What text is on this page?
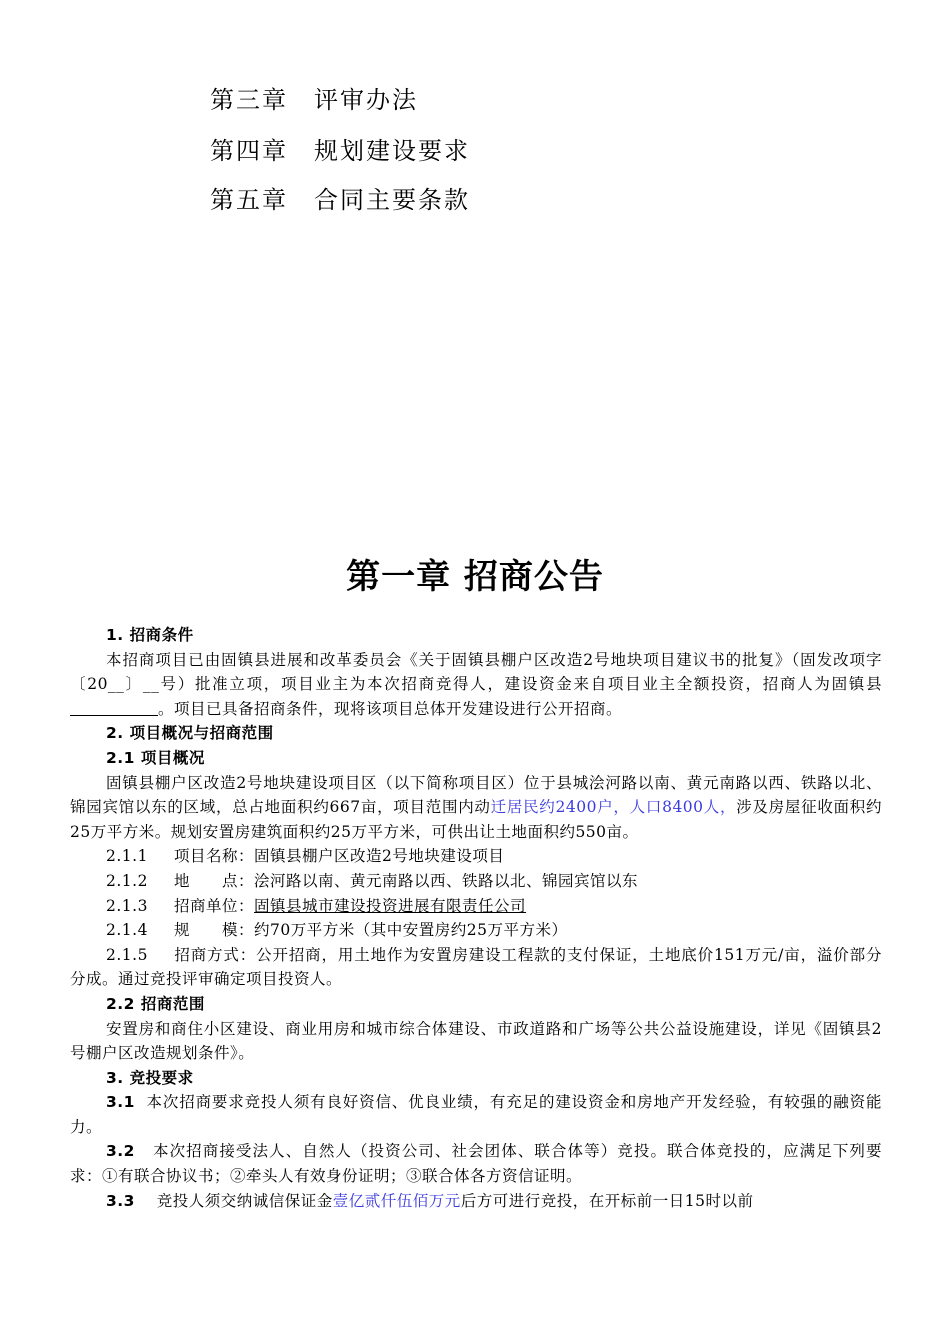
第三章 评审办法
第四章 规划建设要求
第五章 合同主要条款
第一章 招商公告

1. 招商条件

本招商项目已由固镇县进展和改革委员会《关于固镇县棚户区改造2号地块项目建议书的批复》（固发改项字〔20__〕__号）批准立项，项目业主为本次招商竞得人，建设资金来自项目业主全额投资，招商人为固镇县。项目已具备招商条件，现将该项目总体开发建设进行公开招商。

2. 项目概况与招商范围

2.1 项目概况

固镇县棚户区改造2号地块建设项目区（以下简称项目区）位于县城浍河路以南、黄元南路以西、铁路以北、锦园宾馆以东的区域，总占地面积约667亩，项目范围内动迁居民约2400户，人口8400人，涉及房屋征收面积约25万平方米。规划安置房建筑面积约25万平方米，可供出让土地面积约550亩。

2.1.1 项目名称：固镇县棚户区改造2号地块建设项目

2.1.2 地　　点：浍河路以南、黄元南路以西、铁路以北、锦园宾馆以东

2.1.3 招商单位：固镇县城市建设投资进展有限责任公司

2.1.4 规　　模：约70万平方米（其中安置房约25万平方米）

2.1.5 招商方式：公开招商，用土地作为安置房建设工程款的支付保证，土地底价151万元/亩，溢价部分分成。通过竞投评审确定项目投资人。

2.2 招商范围

安置房和商住小区建设、商业用房和城市综合体建设、市政道路和广场等公共公益设施建设，详见《固镇县2号棚户区改造规划条件》。

3. 竞投要求

3.1 本次招商要求竞投人须有良好资信、优良业绩，有充足的建设资金和房地产开发经验，有较强的融资能力。

3.2 本次招商接受法人、自然人（投资公司、社会团体、联合体等）竞投。联合体竞投的，应满足下列要求：①有联合协议书；②牵头人有效身份证明；③联合体各方资信证明。

3.3 竞投人须交纳诚信保证金壹亿贰仟伍佰万元后方可进行竞投，在开标前一日15时以前
